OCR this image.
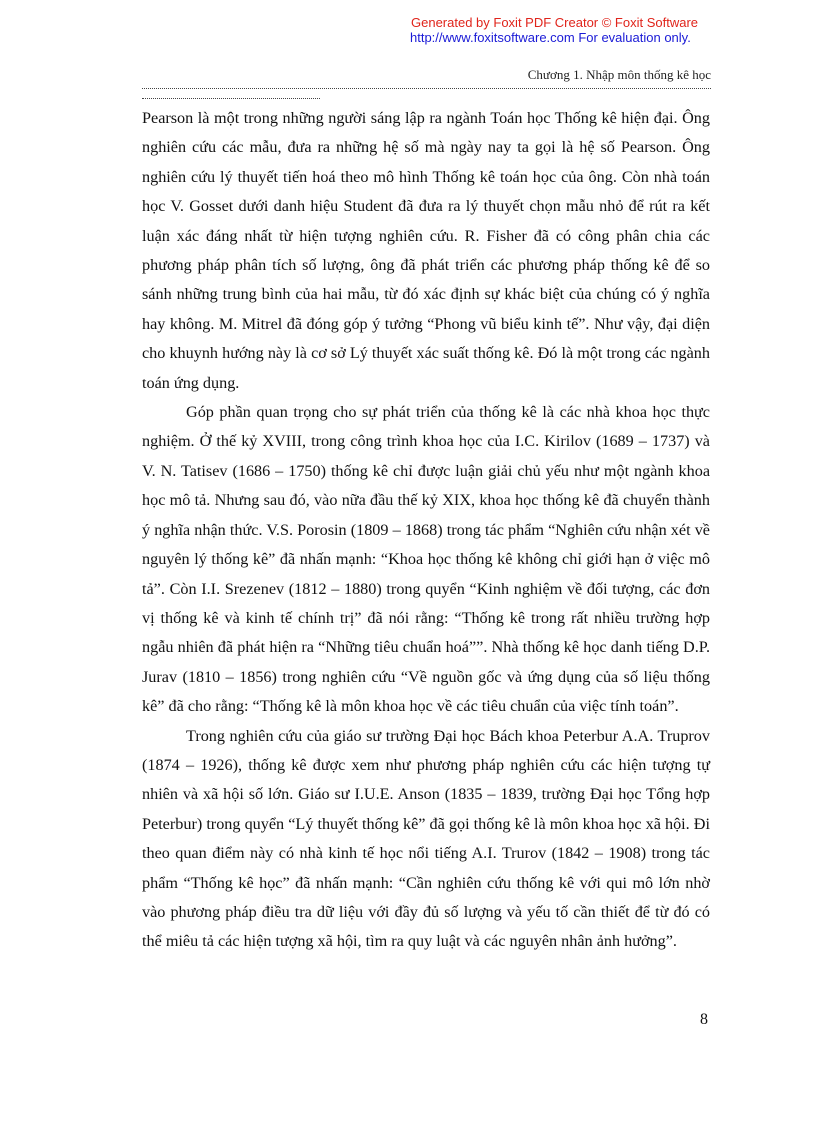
Generated by Foxit PDF Creator © Foxit Software
http://www.foxitsoftware.com For evaluation only.
Chương 1. Nhập môn thống kê học

Pearson là một trong những người sáng lập ra ngành Toán học Thống kê hiện đại. Ông nghiên cứu các mẫu, đưa ra những hệ số mà ngày nay ta gọi là hệ số Pearson. Ông nghiên cứu lý thuyết tiến hoá theo mô hình Thống kê toán học của ông. Còn nhà toán học V. Gosset dưới danh hiệu Student đã đưa ra lý thuyết chọn mẫu nhỏ để rút ra kết luận xác đáng nhất từ hiện tượng nghiên cứu. R. Fisher đã có công phân chia các phương pháp phân tích số lượng, ông đã phát triển các phương pháp thống kê để so sánh những trung bình của hai mẫu, từ đó xác định sự khác biệt của chúng có ý nghĩa hay không. M. Mitrel đã đóng góp ý tưởng “Phong vũ biểu kinh tế”. Như vậy, đại diện cho khuynh hướng này là cơ sở Lý thuyết xác suất thống kê. Đó là một trong các ngành toán ứng dụng.

Góp phần quan trọng cho sự phát triển của thống kê là các nhà khoa học thực nghiệm. Ở thế kỷ XVIII, trong công trình khoa học của I.C. Kirilov (1689 – 1737) và V. N. Tatisev (1686 – 1750) thống kê chỉ được luận giải chủ yếu như một ngành khoa học mô tả. Nhưng sau đó, vào nữa đầu thế kỷ XIX, khoa học thống kê đã chuyển thành ý nghĩa nhận thức. V.S. Porosin (1809 – 1868) trong tác phẩm “Nghiên cứu nhận xét về nguyên lý thống kê” đã nhấn mạnh: “Khoa học thống kê không chỉ giới hạn ở việc mô tả”. Còn I.I. Srezenev (1812 – 1880) trong quyển “Kinh nghiệm về đối tượng, các đơn vị thống kê và kinh tế chính trị” đã nói rằng: “Thống kê trong rất nhiều trường hợp ngẫu nhiên đã phát hiện ra “Những tiêu chuẩn hoá””. Nhà thống kê học danh tiếng D.P. Jurav (1810 – 1856) trong nghiên cứu “Về nguồn gốc và ứng dụng của số liệu thống kê” đã cho rằng: “Thống kê là môn khoa học về các tiêu chuẩn của việc tính toán”.

Trong nghiên cứu của giáo sư trường Đại học Bách khoa Peterbur A.A. Truprov (1874 – 1926), thống kê được xem như phương pháp nghiên cứu các hiện tượng tự nhiên và xã hội số lớn. Giáo sư I.U.E. Anson (1835 – 1839, trường Đại học Tổng hợp Peterbur) trong quyển “Lý thuyết thống kê” đã gọi thống kê là môn khoa học xã hội. Đi theo quan điểm này có nhà kinh tế học nổi tiếng A.I. Trurov (1842 – 1908) trong tác phẩm “Thống kê học” đã nhấn mạnh: “Cần nghiên cứu thống kê với qui mô lớn nhờ vào phương pháp điều tra dữ liệu với đầy đủ số lượng và yếu tố cần thiết để từ đó có thể miêu tả các hiện tượng xã hội, tìm ra quy luật và các nguyên nhân ảnh hưởng”.

8
